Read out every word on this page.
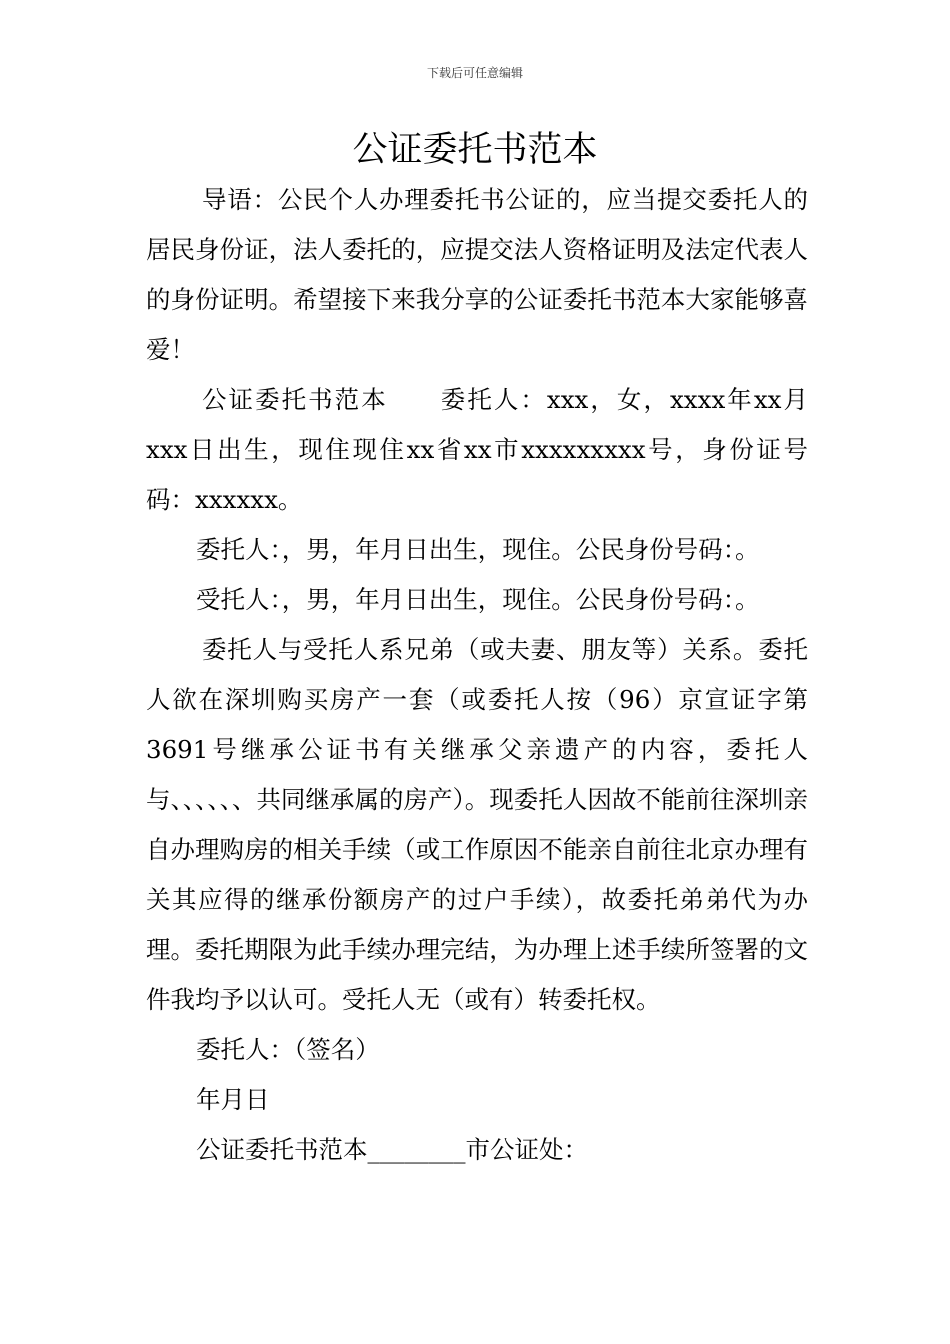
下载后可任意编辑
公证委托书范本

导语：公民个人办理委托书公证的，应当提交委托人的居民身份证，法人委托的，应提交法人资格证明及法定代表人的身份证明。希望接下来我分享的公证委托书范本大家能够喜爱！

公证委托书范本　　委托人：xxx，女，xxxx年xx月xxx日出生，现住现住xx省xx市xxxxxxxxx号，身份证号码：xxxxxx。

委托人：，男，年月日出生，现住。公民身份号码：。

受托人：，男，年月日出生，现住。公民身份号码：。

委托人与受托人系兄弟（或夫妻、朋友等）关系。委托人欲在深圳购买房产一套（或委托人按（96）京宣证字第3691号继承公证书有关继承父亲遗产的内容，委托人与、、、、、、共同继承属的房产）。现委托人因故不能前往深圳亲自办理购房的相关手续（或工作原因不能亲自前往北京办理有关其应得的继承份额房产的过户手续），故委托弟弟代为办理。委托期限为此手续办理完结，为办理上述手续所签署的文件我均予以认可。受托人无（或有）转委托权。

委托人：（签名）

年月日

公证委托书范本________市公证处：
